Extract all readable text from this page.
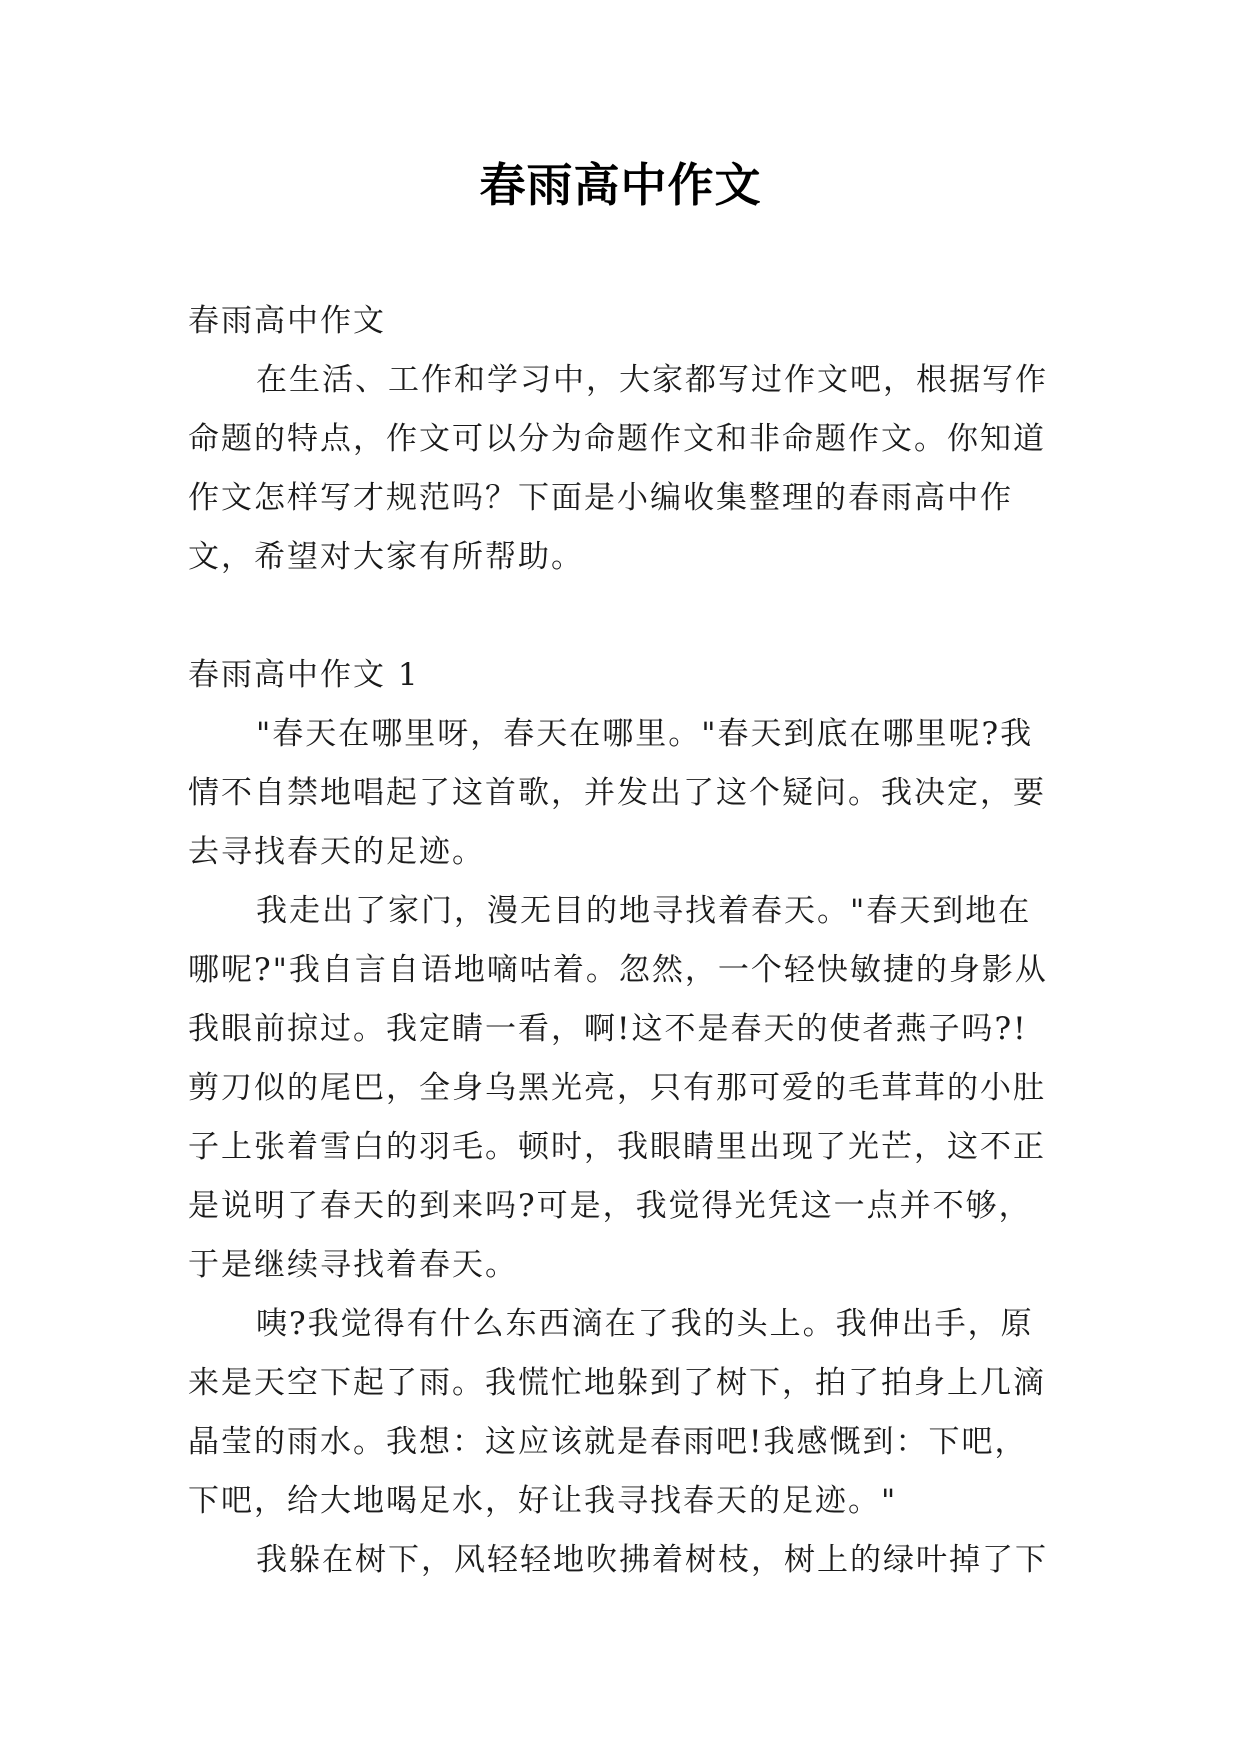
春雨高中作文

春雨高中作文

在生活、工作和学习中，大家都写过作文吧，根据写作

命题的特点，作文可以分为命题作文和非命题作文。你知道

作文怎样写才规范吗？下面是小编收集整理的春雨高中作

文，希望对大家有所帮助。

春雨高中作文 1

"春天在哪里呀，春天在哪里。"春天到底在哪里呢?我

情不自禁地唱起了这首歌，并发出了这个疑问。我决定，要

去寻找春天的足迹。

我走出了家门，漫无目的地寻找着春天。"春天到地在

哪呢?"我自言自语地嘀咕着。忽然，一个轻快敏捷的身影从

我眼前掠过。我定睛一看，啊!这不是春天的使者燕子吗?!

剪刀似的尾巴，全身乌黑光亮，只有那可爱的毛茸茸的小肚

子上张着雪白的羽毛。顿时，我眼睛里出现了光芒，这不正

是说明了春天的到来吗?可是，我觉得光凭这一点并不够，

于是继续寻找着春天。

咦?我觉得有什么东西滴在了我的头上。我伸出手，原

来是天空下起了雨。我慌忙地躲到了树下，拍了拍身上几滴

晶莹的雨水。我想：这应该就是春雨吧!我感慨到：下吧，

下吧，给大地喝足水，好让我寻找春天的足迹。"

我躲在树下，风轻轻地吹拂着树枝，树上的绿叶掉了下
